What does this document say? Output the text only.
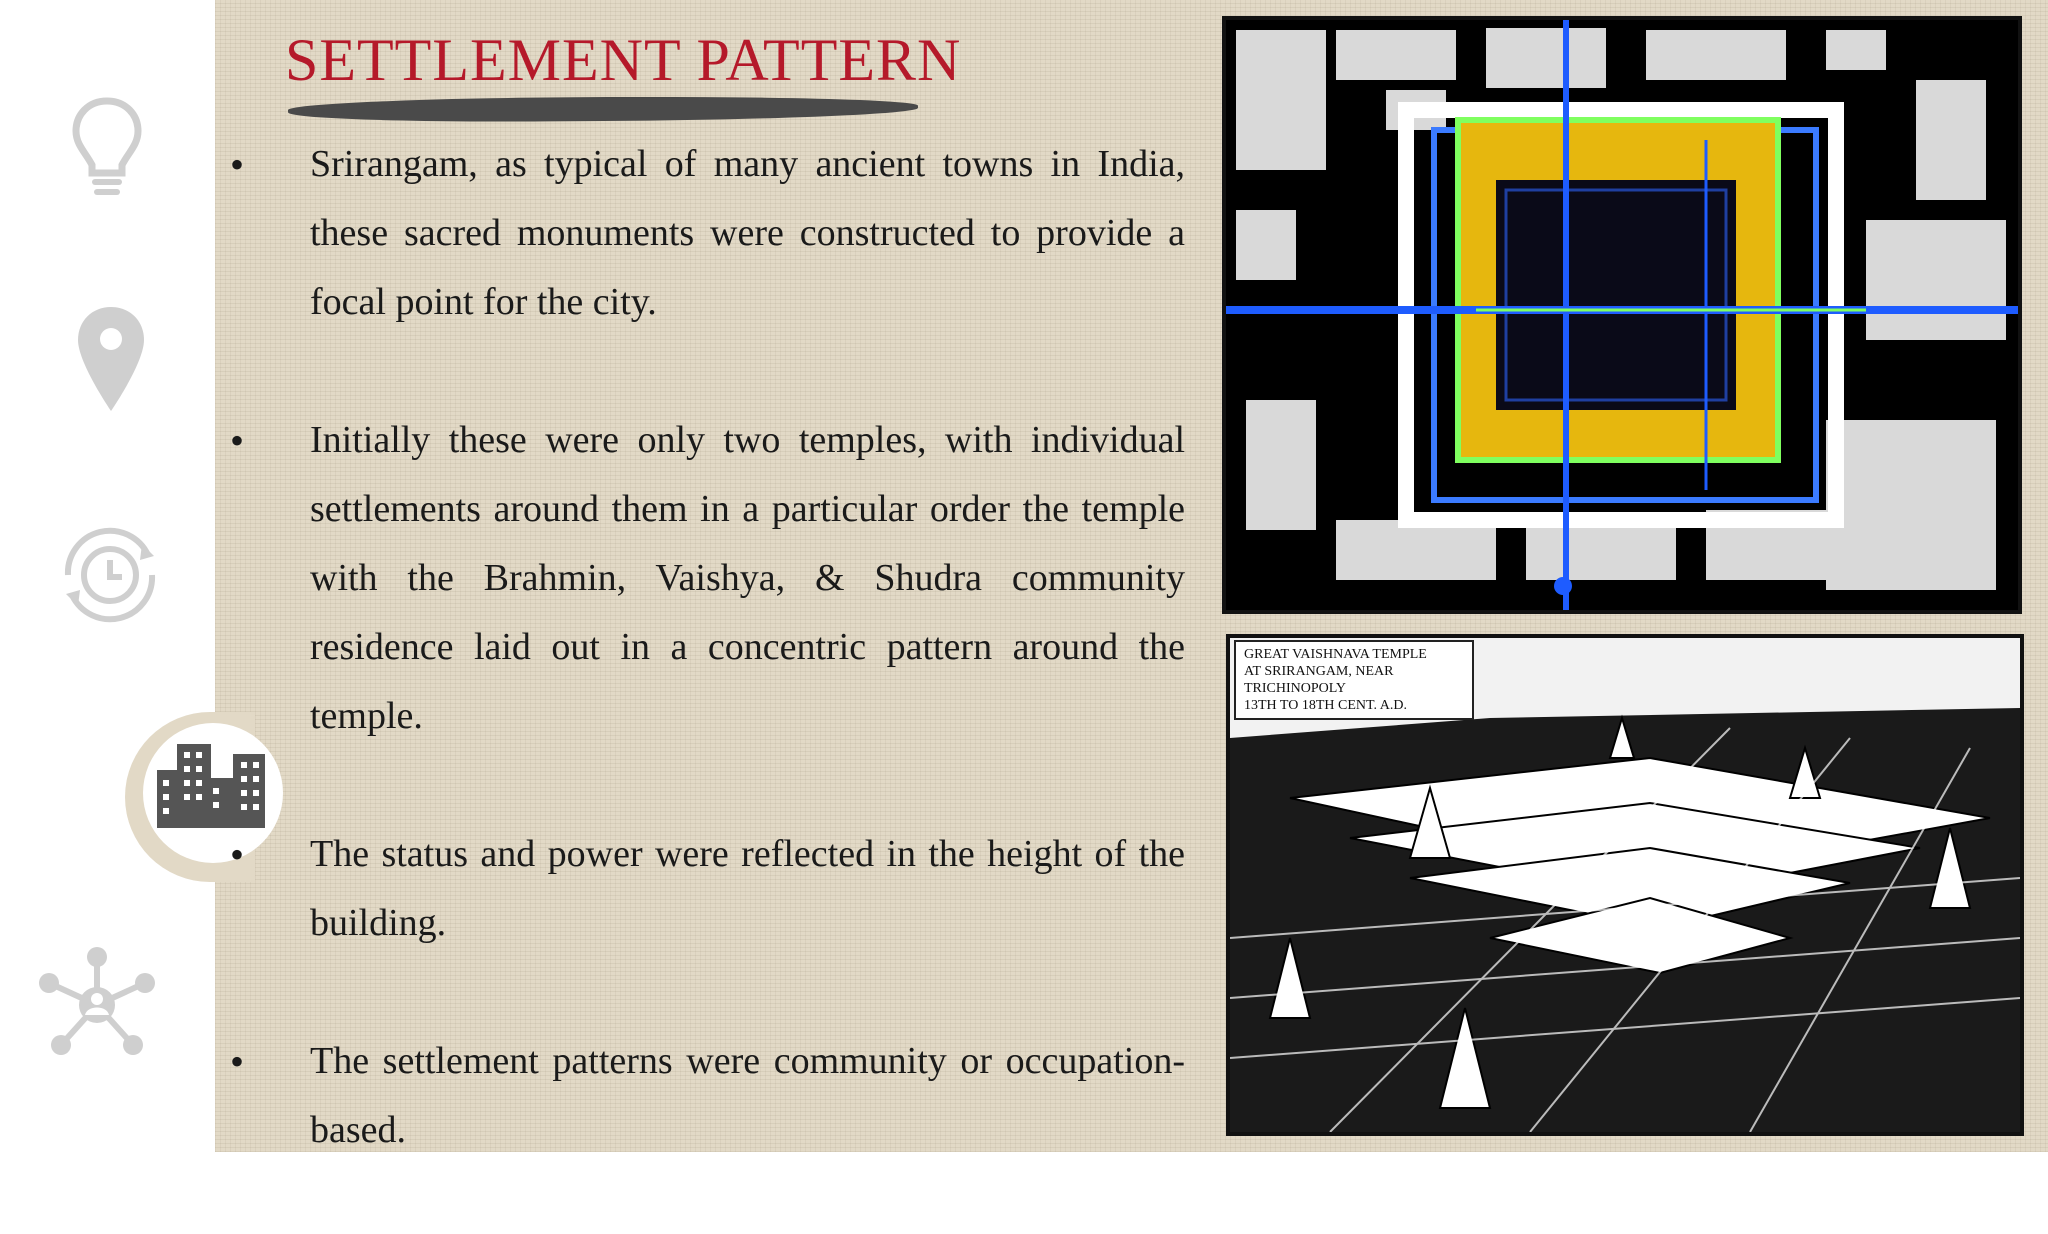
SETTLEMENT PATTERN
• Srirangam, as typical of many ancient towns in India, these sacred monuments were constructed to provide a focal point for the city.
• Initially these were only two temples, with individual settlements around them in a particular order the temple with the Brahmin, Vaishya, & Shudra community residence laid out in a concentric pattern around the temple.
• The status and power were reflected in the height of the building.
• The settlement patterns were community or occupation-based.
GREAT VAISHNAVA TEMPLE
AT SRIRANGAM, NEAR
TRICHINOPOLY
13TH TO 18TH CENT. A.D.
